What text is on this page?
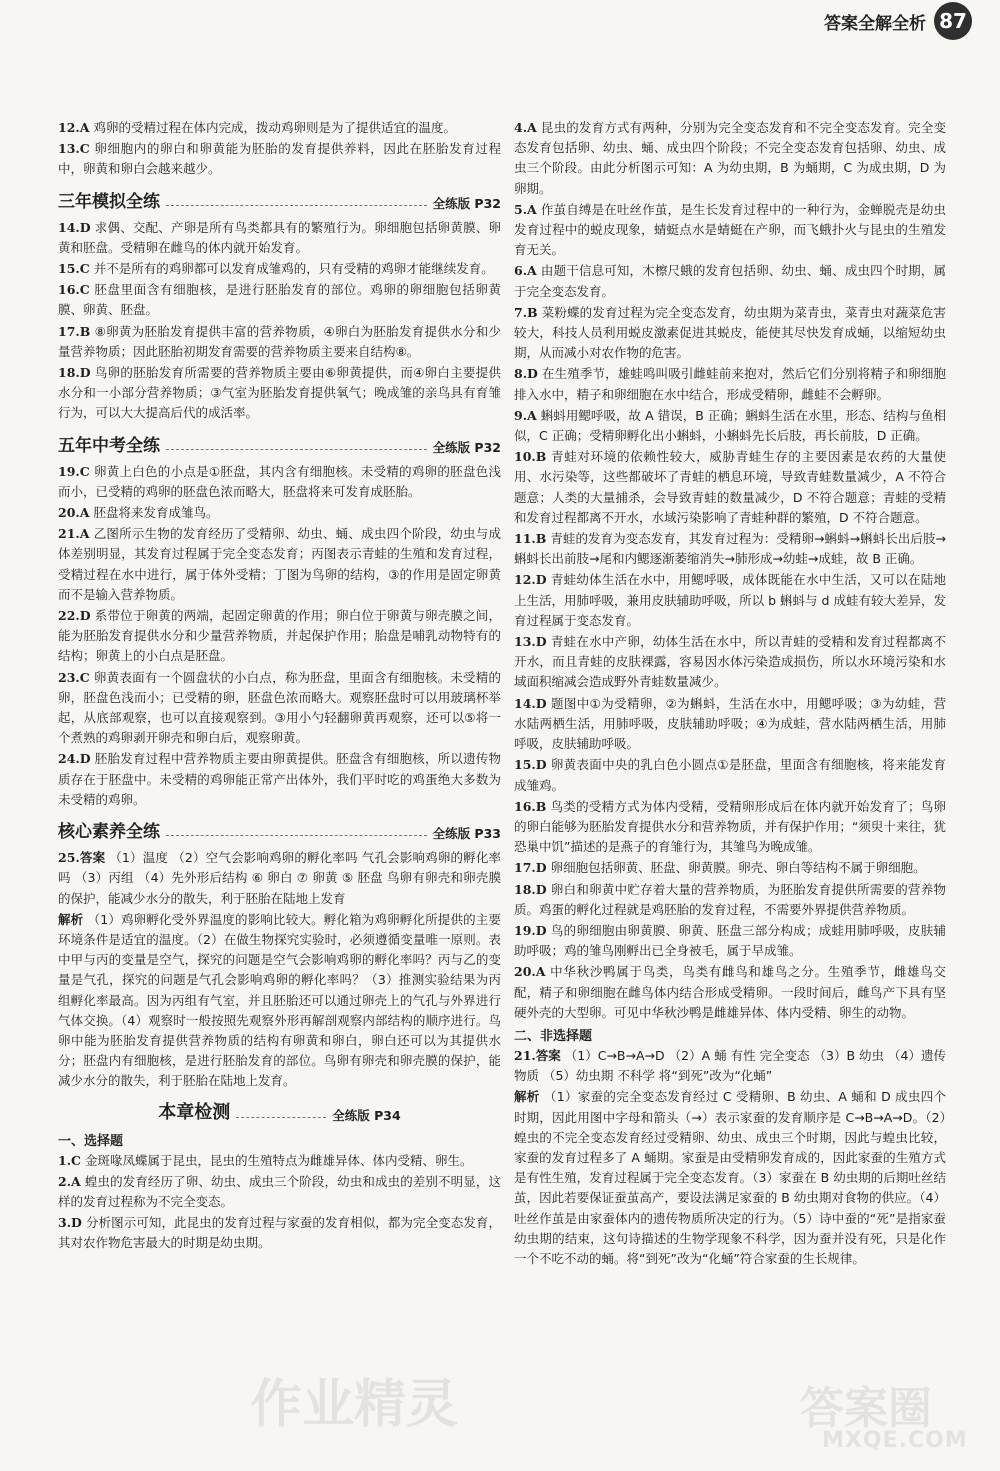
答案全解全析 87
12.A 鸡卵的受精过程在体内完成，拨动鸡卵则是为了提供适宜的温度。
13.C 卵细胞内的卵白和卵黄能为胚胎的发育提供养料，因此在胚胎发育过程中，卵黄和卵白会越来越少。
三年模拟全练	全练版 P32
14.D 求偶、交配、产卵是所有鸟类都具有的繁殖行为。卵细胞包括卵黄膜、卵黄和胚盘。受精卵在雌鸟的体内就开始发育。
15.C 并不是所有的鸡卵都可以发育成雏鸡的，只有受精的鸡卵才能继续发育。
16.C 胚盘里面含有细胞核，是进行胚胎发育的部位。鸡卵的卵细胞包括卵黄膜、卵黄、胚盘。
17.B ⑧卵黄为胚胎发育提供丰富的营养物质，④卵白为胚胎发育提供水分和少量营养物质；因此胚胎初期发育需要的营养物质主要来自结构⑧。
18.D 鸟卵的胚胎发育所需要的营养物质主要由⑥卵黄提供，而④卵白主要提供水分和一小部分营养物质；③气室为胚胎发育提供氧气；晚成雏的亲鸟具有育雏行为，可以大大提高后代的成活率。
五年中考全练	全练版 P32
19.C 卵黄上白色的小点是①胚盘，其内含有细胞核。未受精的鸡卵的胚盘色浅而小，已受精的鸡卵的胚盘色浓而略大，胚盘将来可发育成胚胎。
20.A 胚盘将来发育成雏鸟。
21.A 乙图所示生物的发育经历了受精卵、幼虫、蛹、成虫四个阶段，幼虫与成体差别明显，其发育过程属于完全变态发育；丙图表示青蛙的生殖和发育过程，受精过程在水中进行，属于体外受精；丁图为鸟卵的结构，③的作用是固定卵黄而不是输入营养物质。
22.D 系带位于卵黄的两端，起固定卵黄的作用；卵白位于卵黄与卵壳膜之间，能为胚胎发育提供水分和少量营养物质，并起保护作用；胎盘是哺乳动物特有的结构；卵黄上的小白点是胚盘。
23.C 卵黄表面有一个圆盘状的小白点，称为胚盘，里面含有细胞核。未受精的卵，胚盘色浅而小；已受精的卵，胚盘色浓而略大。观察胚盘时可以用玻璃杯举起，从底部观察，也可以直接观察到。③用小勺轻翻卵黄再观察，还可以⑤将一个煮熟的鸡卵剥开卵壳和卵白后，观察卵黄。
24.D 胚胎发育过程中营养物质主要由卵黄提供。胚盘含有细胞核，所以遗传物质存在于胚盘中。未受精的鸡卵能正常产出体外，我们平时吃的鸡蛋绝大多数为未受精的鸡卵。
核心素养全练	全练版 P33
25.答案 （1）温度 （2）空气会影响鸡卵的孵化率吗 气孔会影响鸡卵的孵化率吗 （3）丙组 （4）先外形后结构 ⑥ 卵白 ⑦ 卵黄 ⑤ 胚盘 鸟卵有卵壳和卵壳膜的保护，能减少水分的散失，利于胚胎在陆地上发育
解析 （1）鸡卵孵化受外界温度的影响比较大。孵化箱为鸡卵孵化所提供的主要环境条件是适宜的温度。（2）在做生物探究实验时，必须遵循变量唯一原则。表中甲与丙的变量是空气，探究的问题是空气会影响鸡卵的孵化率吗？丙与乙的变量是气孔，探究的问题是气孔会影响鸡卵的孵化率吗？（3）推测实验结果为丙组孵化率最高。因为丙组有气室，并且胚胎还可以通过卵壳上的气孔与外界进行气体交换。（4）观察时一般按照先观察外形再解剖观察内部结构的顺序进行。鸟卵中能为胚胎发育提供营养物质的结构有卵黄和卵白，卵白还可以为其提供水分；胚盘内有细胞核，是进行胚胎发育的部位。鸟卵有卵壳和卵壳膜的保护，能减少水分的散失，利于胚胎在陆地上发育。
本章检测	全练版 P34
一、选择题
1.C 金斑喙凤蝶属于昆虫，昆虫的生殖特点为雌雄异体、体内受精、卵生。
2.A 蝗虫的发育经历了卵、幼虫、成虫三个阶段，幼虫和成虫的差别不明显，这样的发育过程称为不完全变态。
3.D 分析图示可知，此昆虫的发育过程与家蚕的发育相似，都为完全变态发育，其对农作物危害最大的时期是幼虫期。
4.A 昆虫的发育方式有两种，分别为完全变态发育和不完全变态发育。完全变态发育包括卵、幼虫、蛹、成虫四个阶段；不完全变态发育包括卵、幼虫、成虫三个阶段。由此分析图示可知：A 为幼虫期，B 为蛹期，C 为成虫期，D 为卵期。
5.A 作茧自缚是在吐丝作茧，是生长发育过程中的一种行为，金蝉脱壳是幼虫发育过程中的蜕皮现象，蜻蜓点水是蜻蜓在产卵，而飞蛾扑火与昆虫的生殖发育无关。
6.A 由题干信息可知，木檫尺蛾的发育包括卵、幼虫、蛹、成虫四个时期，属于完全变态发育。
7.B 菜粉蝶的发育过程为完全变态发育，幼虫期为菜青虫，菜青虫对蔬菜危害较大，科技人员利用蜕皮激素促进其蜕皮，能使其尽快发育成蛹，以缩短幼虫期，从而减小对农作物的危害。
8.D 在生殖季节，雄蛙鸣叫吸引雌蛙前来抱对，然后它们分别将精子和卵细胞排入水中，精子和卵细胞在水中结合，形成受精卵，雌蛙不会孵卵。
9.A 蝌蚪用鳃呼吸，故 A 错误，B 正确；蝌蚪生活在水里，形态、结构与鱼相似，C 正确；受精卵孵化出小蝌蚪，小蝌蚪先长后肢，再长前肢，D 正确。
10.B 青蛙对环境的依赖性较大，威胁青蛙生存的主要因素是农药的大量使用、水污染等，这些都破坏了青蛙的栖息环境，导致青蛙数量减少，A 不符合题意；人类的大量捕杀，会导致青蛙的数量减少，D 不符合题意；青蛙的受精和发育过程都离不开水，水域污染影响了青蛙种群的繁殖，D 不符合题意。
11.B 青蛙的发育为变态发育，其发育过程为：受精卵→蝌蚪→蝌蚪长出后肢→蝌蚪长出前肢→尾和内鳃逐渐萎缩消失→肺形成→幼蛙→成蛙，故 B 正确。
12.D 青蛙幼体生活在水中，用鳃呼吸，成体既能在水中生活，又可以在陆地上生活，用肺呼吸，兼用皮肤辅助呼吸，所以 b 蝌蚪与 d 成蛙有较大差异，发育过程属于变态发育。
13.D 青蛙在水中产卵，幼体生活在水中，所以青蛙的受精和发育过程都离不开水，而且青蛙的皮肤裸露，容易因水体污染造成损伤，所以水环境污染和水域面积缩减会造成野外青蛙数量减少。
14.D 题图中①为受精卵，②为蝌蚪，生活在水中，用鳃呼吸；③为幼蛙，营水陆两栖生活，用肺呼吸，皮肤辅助呼吸；④为成蛙，营水陆两栖生活，用肺呼吸，皮肤辅助呼吸。
15.D 卵黄表面中央的乳白色小圆点①是胚盘，里面含有细胞核，将来能发育成雏鸡。
16.B 鸟类的受精方式为体内受精，受精卵形成后在体内就开始发育了；鸟卵的卵白能够为胚胎发育提供水分和营养物质，并有保护作用；“须臾十来往，犹恐巢中饥”描述的是燕子的育雏行为，其雏鸟为晚成雏。
17.D 卵细胞包括卵黄、胚盘、卵黄膜。卵壳、卵白等结构不属于卵细胞。
18.D 卵白和卵黄中贮存着大量的营养物质，为胚胎发育提供所需要的营养物质。鸡蛋的孵化过程就是鸡胚胎的发育过程，不需要外界提供营养物质。
19.D 鸟的卵细胞由卵黄膜、卵黄、胚盘三部分构成；成蛙用肺呼吸，皮肤辅助呼吸；鸡的雏鸟刚孵出已全身被毛，属于早成雏。
20.A 中华秋沙鸭属于鸟类，鸟类有雌鸟和雄鸟之分。生殖季节，雌雄鸟交配，精子和卵细胞在雌鸟体内结合形成受精卵。一段时间后，雌鸟产下具有坚硬外壳的大型卵。可见中华秋沙鸭是雌雄异体、体内受精、卵生的动物。
二、非选择题
21.答案 （1）C→B→A→D （2）A 蛹 有性 完全变态 （3）B 幼虫 （4）遗传物质 （5）幼虫期 不科学 将“到死”改为“化蛹”
解析 （1）家蚕的完全变态发育经过 C 受精卵、B 幼虫、A 蛹和 D 成虫四个时期，因此用图中字母和箭头（→）表示家蚕的发育顺序是 C→B→A→D。（2）蝗虫的不完全变态发育经过受精卵、幼虫、成虫三个时期，因此与蝗虫比较，家蚕的发育过程多了 A 蛹期。家蚕是由受精卵发育成的，因此家蚕的生殖方式是有性生殖，发育过程属于完全变态发育。（3）家蚕在 B 幼虫期的后期吐丝结茧，因此若要保证蚕茧高产，要设法满足家蚕的 B 幼虫期对食物的供应。（4）吐丝作茧是由家蚕体内的遗传物质所决定的行为。（5）诗中蚕的“死”是指家蚕幼虫期的结束，这句诗描述的生物学现象不科学，因为蚕并没有死，只是化作一个不吃不动的蛹。将“到死”改为“化蛹”符合家蚕的生长规律。
作业精灵	答案圈
MXQE.COM
